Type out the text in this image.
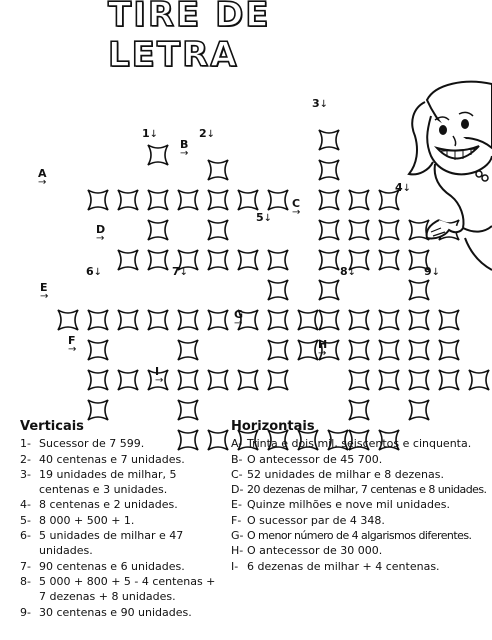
TIRE DE LETRA
1↓	2↓
3↓
4↓
5↓
6↓	7↓	8↓	9↓
A
→
B
→
C
→
D
→
E
→
F
→
G
→
H
→
I
→
Verticais
1- Sucessor de 7 599.
2- 40 centenas e 7 unidades.
3- 19 unidades de milhar, 5 centenas e 3 unidades.
4- 8 centenas e 2 unidades.
5- 8 000 + 500 + 1.
6- 5 unidades de milhar e 47 unidades.
7- 90 centenas e 6 unidades.
8- 5 000 + 800 + 5 - 4 centenas + 7 dezenas + 8 unidades.
9- 30 centenas e 90 unidades.
Horizontais
A- Trinta e dois mil, seiscentos e cinquenta.
B- O antecessor de 45 700.
C- 52 unidades de milhar e 8 dezenas.
D- 20 dezenas de milhar, 7 centenas e 8 unidades.
E- Quinze milhões e nove mil unidades.
F- O sucessor par de 4 348.
G- O menor número de 4 algarismos diferentes.
H- O antecessor de 30 000.
I- 6 dezenas de milhar + 4 centenas.
